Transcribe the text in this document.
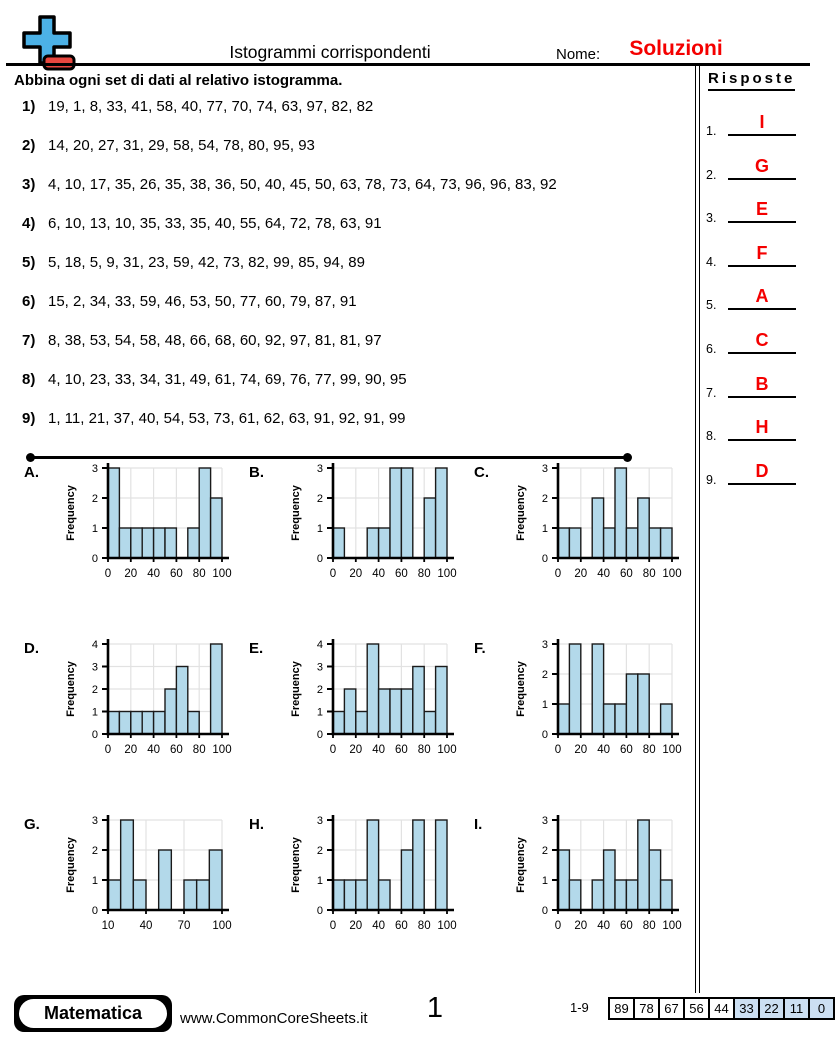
Istogrammi corrispondenti	Nome:	Soluzioni
Risposte
1.	I
2.	G
3.	E
4.	F
5.	A
6.	C
7.	B
8.	H
9.	D
Abbina ogni set di dati al relativo istogramma.
1) 19, 1, 8, 33, 41, 58, 40, 77, 70, 74, 63, 97, 82, 82
2) 14, 20, 27, 31, 29, 58, 54, 78, 80, 95, 93
3) 4, 10, 17, 35, 26, 35, 38, 36, 50, 40, 45, 50, 63, 78, 73, 64, 73, 96, 96, 83, 92
4) 6, 10, 13, 10, 35, 33, 35, 40, 55, 64, 72, 78, 63, 91
5) 5, 18, 5, 9, 31, 23, 59, 42, 73, 82, 99, 85, 94, 89
6) 15, 2, 34, 33, 59, 46, 53, 50, 77, 60, 79, 87, 91
7) 8, 38, 53, 54, 58, 48, 66, 68, 60, 92, 97, 81, 81, 97
8) 4, 10, 23, 33, 34, 31, 49, 61, 74, 69, 76, 77, 99, 90, 95
9) 1, 11, 21, 37, 40, 54, 53, 73, 61, 62, 63, 91, 92, 91, 99
A.
0
1
2
3
0 20 40 60 80 100
Frequency
B.
0
1
2
3
0 20 40 60 80 100
Frequency
C.
0
1
2
3
0 20 40 60 80 100
Frequency
D.
0
1
2
3
4
0 20 40 60 80 100
Frequency
E.
0
1
2
3
4
0 20 40 60 80 100
Frequency
F.
0
1
2
3
0 20 40 60 80 100
Frequency
G.
0
1
2
3
10 40 70 100
Frequency
H.
0
1
2
3
0 20 40 60 80 100
Frequency
I.
0
1
2
3
0 20 40 60 80 100
Frequency
Matematica	www.CommonCoreSheets.it	1	1-9	89 78 67 56 44 33 22 11	0
